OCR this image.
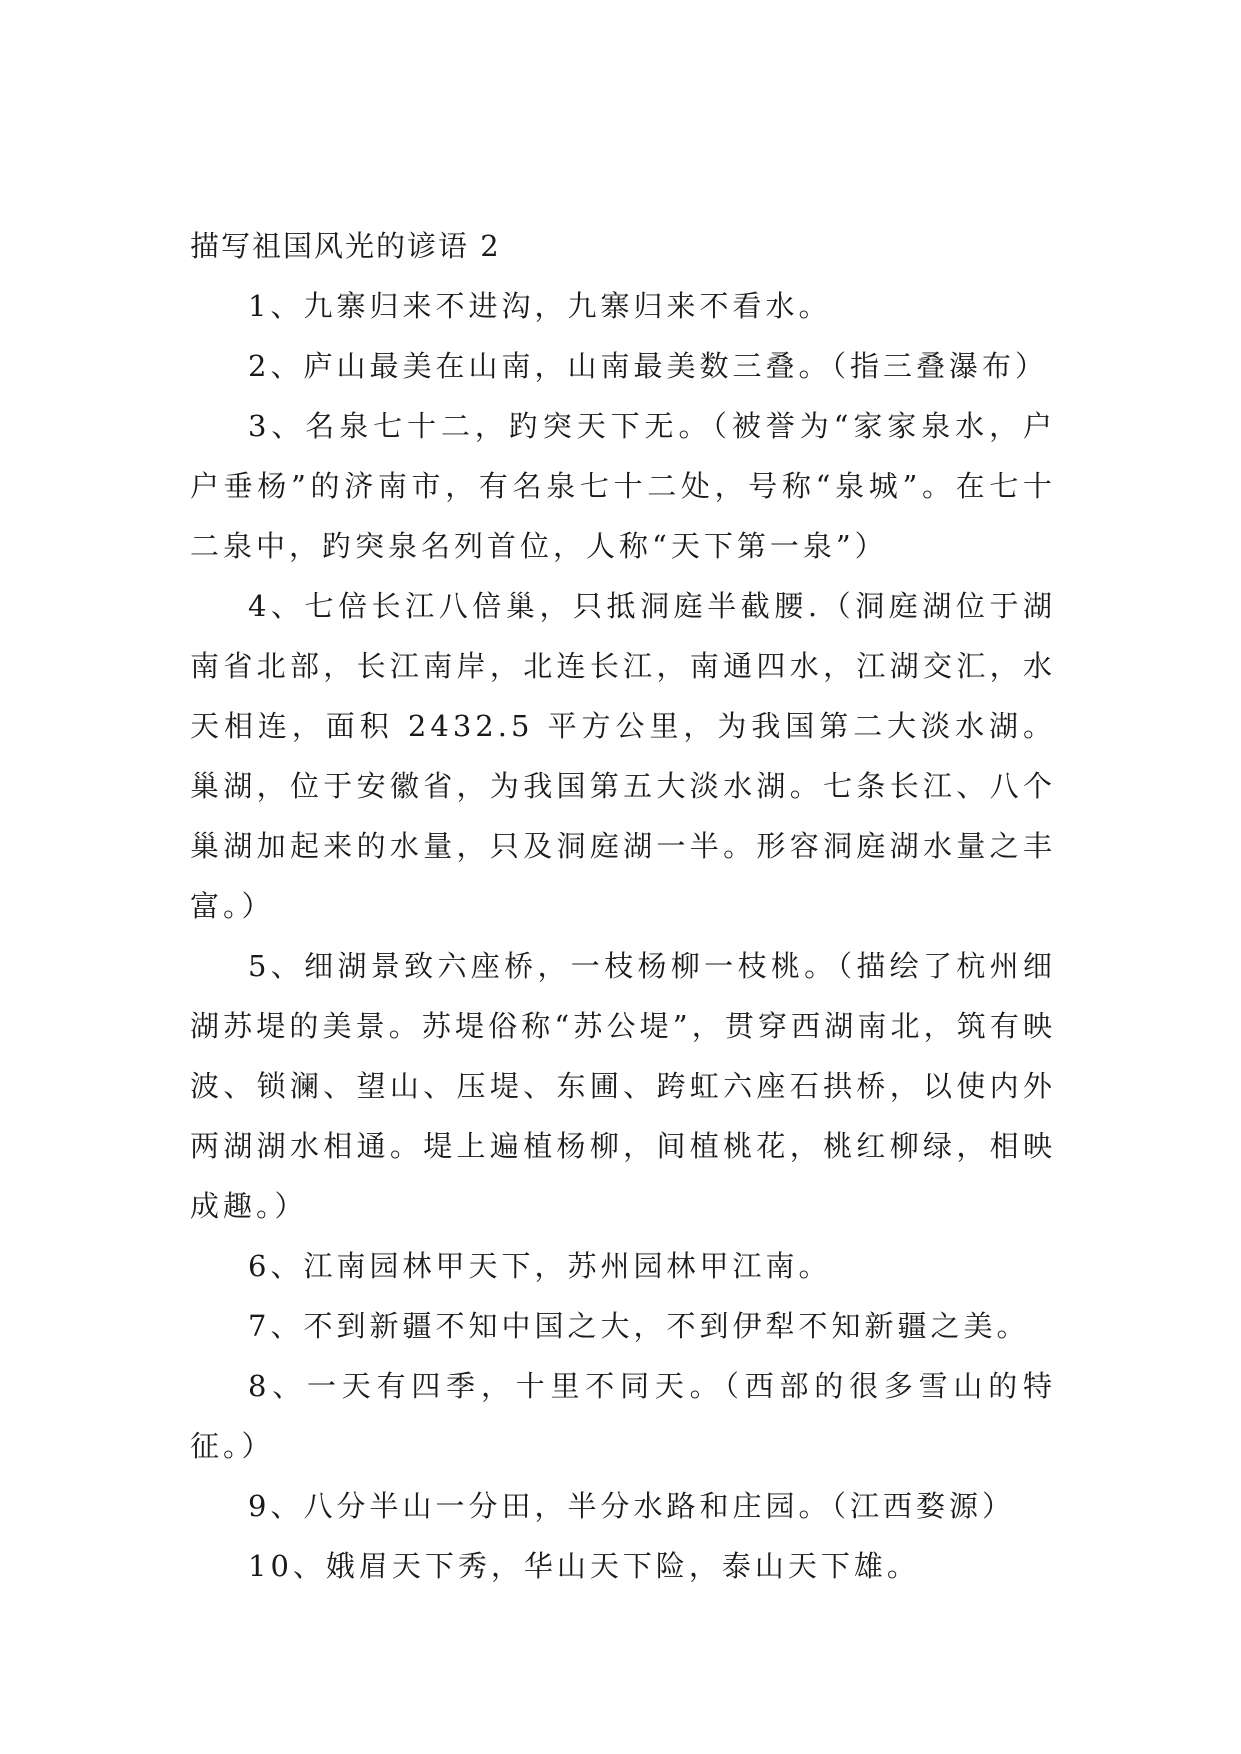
描写祖国风光的谚语 2

1、九寨归来不进沟，九寨归来不看水。

2、庐山最美在山南，山南最美数三叠。（指三叠瀑布）

3、名泉七十二，趵突天下无。（被誉为“家家泉水，户户垂杨”的济南市，有名泉七十二处，号称“泉城”。在七十二泉中，趵突泉名列首位，人称“天下第一泉”）

4、七倍长江八倍巢，只抵洞庭半截腰.（洞庭湖位于湖南省北部，长江南岸，北连长江，南通四水，江湖交汇，水天相连，面积 2432.5 平方公里，为我国第二大淡水湖。巢湖，位于安徽省，为我国第五大淡水湖。七条长江、八个巢湖加起来的水量，只及洞庭湖一半。形容洞庭湖水量之丰富。）

5、细湖景致六座桥，一枝杨柳一枝桃。（描绘了杭州细湖苏堤的美景。苏堤俗称“苏公堤”，贯穿西湖南北，筑有映波、锁澜、望山、压堤、东圃、跨虹六座石拱桥，以使内外两湖湖水相通。堤上遍植杨柳，间植桃花，桃红柳绿，相映成趣。）

6、江南园林甲天下，苏州园林甲江南。

7、不到新疆不知中国之大，不到伊犁不知新疆之美。

8、一天有四季，十里不同天。（西部的很多雪山的特征。）

9、八分半山一分田，半分水路和庄园。（江西婺源）

10、娥眉天下秀，华山天下险，泰山天下雄。
